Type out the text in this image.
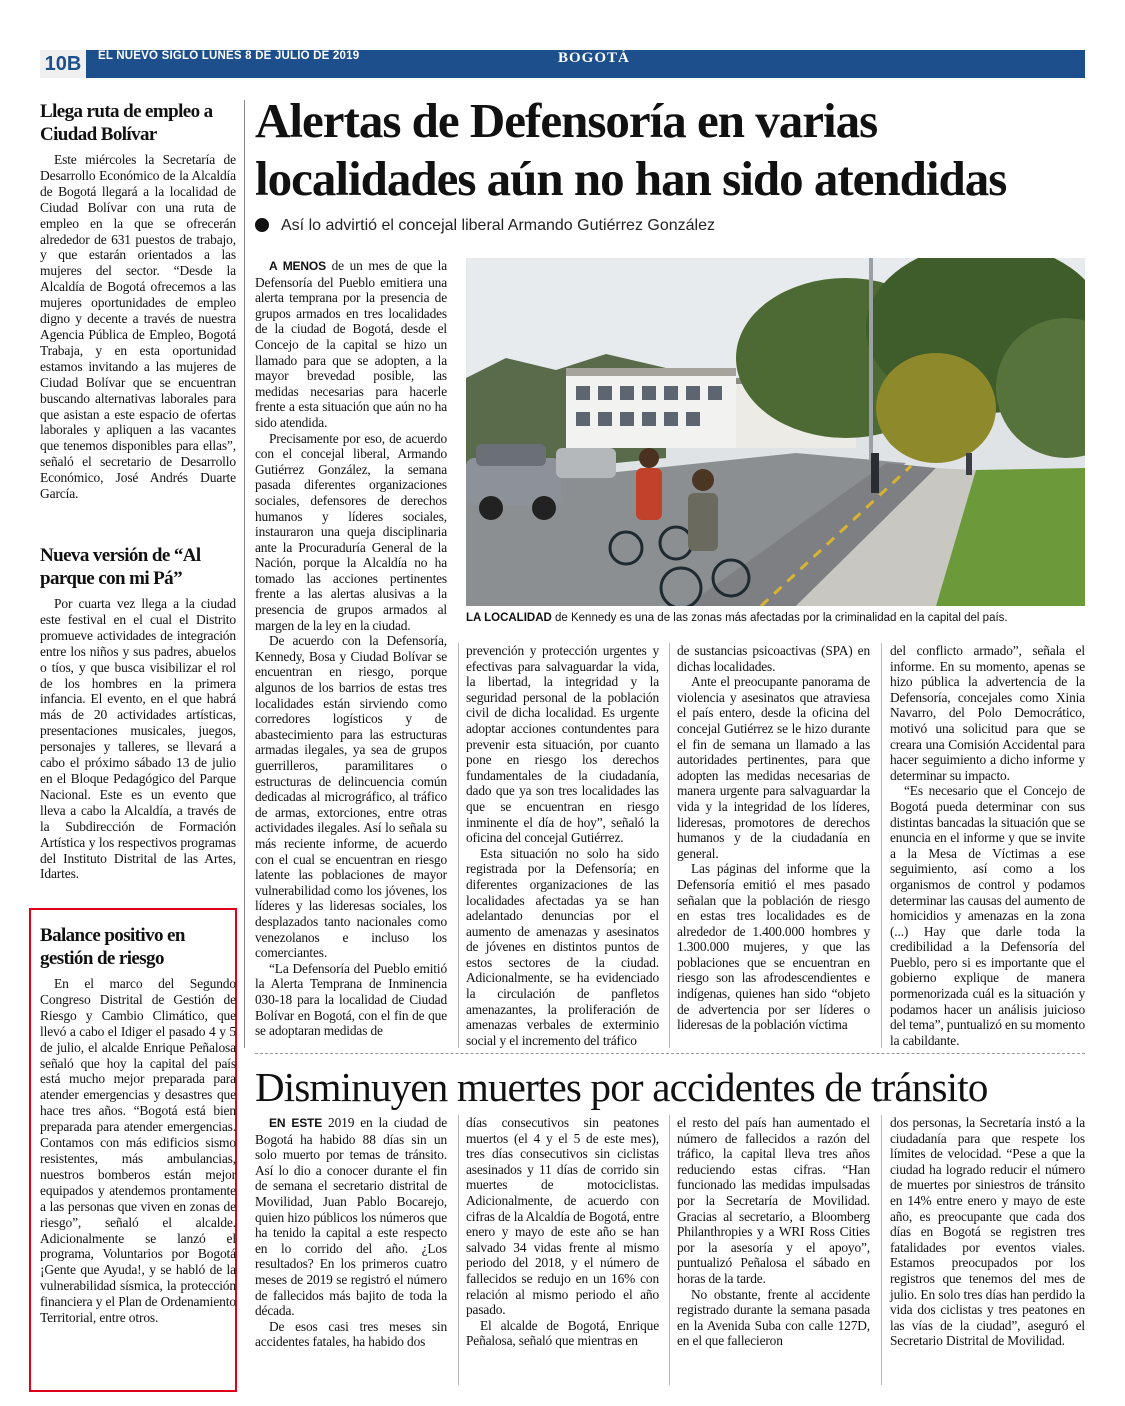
10B	EL NUEVO SIGLO LUNES 8 DE JULIO DE 2019	BOGOTÁ
Llega ruta de empleo a Ciudad Bolívar

Este miércoles la Secretaría de Desarrollo Económico de la Alcaldía de Bogotá llegará a la localidad de Ciudad Bolívar con una ruta de empleo en la que se ofrecerán alrededor de 631 puestos de trabajo, y que estarán orientados a las mujeres del sector. “Desde la Alcaldía de Bogotá ofrecemos a las mujeres oportunidades de empleo digno y decente a través de nuestra Agencia Pública de Empleo, Bogotá Trabaja, y en esta oportunidad estamos invitando a las mujeres de Ciudad Bolívar que se encuentran buscando alternativas laborales para que asistan a este espacio de ofertas laborales y apliquen a las vacantes que tenemos disponibles para ellas”, señaló el secretario de Desarrollo Económico, José Andrés Duarte García.

Nueva versión de “Al parque con mi Pá”

Por cuarta vez llega a la ciudad este festival en el cual el Distrito promueve actividades de integración entre los niños y sus padres, abuelos o tíos, y que busca visibilizar el rol de los hombres en la primera infancia. El evento, en el que habrá más de 20 actividades artísticas, presentaciones musicales, juegos, personajes y talleres, se llevará a cabo el próximo sábado 13 de julio en el Bloque Pedagógico del Parque Nacional. Este es un evento que lleva a cabo la Alcaldía, a través de la Subdirección de Formación Artística y los respectivos programas del Instituto Distrital de las Artes, Idartes.

Balance positivo en gestión de riesgo

En el marco del Segundo Congreso Distrital de Gestión de Riesgo y Cambio Climático, que llevó a cabo el Idiger el pasado 4 y 5 de julio, el alcalde Enrique Peñalosa señaló que hoy la capital del país está mucho mejor preparada para atender emergencias y desastres que hace tres años. “Bogotá está bien preparada para atender emergencias. Contamos con más edificios sismo resistentes, más ambulancias, nuestros bomberos están mejor equipados y atendemos prontamente a las personas que viven en zonas de riesgo”, señaló el alcalde. Adicionalmente se lanzó el programa, Voluntarios por Bogotá ¡Gente que Ayuda!, y se habló de la vulnerabilidad sísmica, la protección financiera y el Plan de Ordenamiento Territorial, entre otros.

Alertas de Defensoría en varias localidades aún no han sido atendidas
Así lo advirtió el concejal liberal Armando Gutiérrez González

A MENOS de un mes de que la Defensoría del Pueblo emitiera una alerta temprana por la presencia de grupos armados en tres localidades de la ciudad de Bogotá, desde el Concejo de la capital se hizo un llamado para que se adopten, a la mayor brevedad posible, las medidas necesarias para hacerle frente a esta situación que aún no ha sido atendida.

Precisamente por eso, de acuerdo con el concejal liberal, Armando Gutiérrez González, la semana pasada diferentes organizaciones sociales, defensores de derechos humanos y líderes sociales, instauraron una queja disciplinaria ante la Procuraduría General de la Nación, porque la Alcaldía no ha tomado las acciones pertinentes frente a las alertas alusivas a la presencia de grupos armados al margen de la ley en la ciudad.

De acuerdo con la Defensoría, Kennedy, Bosa y Ciudad Bolívar se encuentran en riesgo, porque algunos de los barrios de estas tres localidades están sirviendo como corredores logísticos y de abastecimiento para las estructuras armadas ilegales, ya sea de grupos guerrilleros, paramilitares o estructuras de delincuencia común dedicadas al micrográfico, al tráfico de armas, extorciones, entre otras actividades ilegales. Así lo señala su más reciente informe, de acuerdo con el cual se encuentran en riesgo latente las poblaciones de mayor vulnerabilidad como los jóvenes, los líderes y las lideresas sociales, los desplazados tanto nacionales como venezolanos e incluso los comerciantes.

“La Defensoría del Pueblo emitió la Alerta Temprana de Inminencia 030-18 para la localidad de Ciudad Bolívar en Bogotá, con el fin de que se adoptaran medidas de

LA LOCALIDAD de Kennedy es una de las zonas más afectadas por la criminalidad en la capital del país.

prevención y protección urgentes y efectivas para salvaguardar la vida, la libertad, la integridad y la seguridad personal de la población civil de dicha localidad. Es urgente adoptar acciones contundentes para prevenir esta situación, por cuanto pone en riesgo los derechos fundamentales de la ciudadanía, dado que ya son tres localidades las que se encuentran en riesgo inminente el día de hoy”, señaló la oficina del concejal Gutiérrez.

Esta situación no solo ha sido registrada por la Defensoría; en diferentes organizaciones de las localidades afectadas ya se han adelantado denuncias por el aumento de amenazas y asesinatos de jóvenes en distintos puntos de estos sectores de la ciudad. Adicionalmente, se ha evidenciado la circulación de panfletos amenazantes, la proliferación de amenazas verbales de exterminio social y el incremento del tráfico

de sustancias psicoactivas (SPA) en dichas localidades.

Ante el preocupante panorama de violencia y asesinatos que atraviesa el país entero, desde la oficina del concejal Gutiérrez se le hizo durante el fin de semana un llamado a las autoridades pertinentes, para que adopten las medidas necesarias de manera urgente para salvaguardar la vida y la integridad de los líderes, lideresas, promotores de derechos humanos y de la ciudadanía en general.

Las páginas del informe que la Defensoría emitió el mes pasado señalan que la población de riesgo en estas tres localidades es de alrededor de 1.400.000 hombres y 1.300.000 mujeres, y que las poblaciones que se encuentran en riesgo son las afrodescendientes e indígenas, quienes han sido “objeto de advertencia por ser líderes o lideresas de la población víctima

del conflicto armado”, señala el informe. En su momento, apenas se hizo pública la advertencia de la Defensoría, concejales como Xinia Navarro, del Polo Democrático, motivó una solicitud para que se creara una Comisión Accidental para hacer seguimiento a dicho informe y determinar su impacto.

“Es necesario que el Concejo de Bogotá pueda determinar con sus distintas bancadas la situación que se enuncia en el informe y que se invite a la Mesa de Víctimas a ese seguimiento, así como a los organismos de control y podamos determinar las causas del aumento de homicidios y amenazas en la zona (...) Hay que darle toda la credibilidad a la Defensoría del Pueblo, pero si es importante que el gobierno explique de manera pormenorizada cuál es la situación y podamos hacer un análisis juicioso del tema”, puntualizó en su momento la cabildante.

Disminuyen muertes por accidentes de tránsito

EN ESTE 2019 en la ciudad de Bogotá ha habido 88 días sin un solo muerto por temas de tránsito. Así lo dio a conocer durante el fin de semana el secretario distrital de Movilidad, Juan Pablo Bocarejo, quien hizo públicos los números que ha tenido la capital a este respecto en lo corrido del año. ¿Los resultados? En los primeros cuatro meses de 2019 se registró el número de fallecidos más bajito de toda la década.

De esos casi tres meses sin accidentes fatales, ha habido dos

días consecutivos sin peatones muertos (el 4 y el 5 de este mes), tres días consecutivos sin ciclistas asesinados y 11 días de corrido sin muertes de motociclistas. Adicionalmente, de acuerdo con cifras de la Alcaldía de Bogotá, entre enero y mayo de este año se han salvado 34 vidas frente al mismo periodo del 2018, y el número de fallecidos se redujo en un 16% con relación al mismo periodo el año pasado.

El alcalde de Bogotá, Enrique Peñalosa, señaló que mientras en

el resto del país han aumentado el número de fallecidos a razón del tráfico, la capital lleva tres años reduciendo estas cifras. “Han funcionado las medidas impulsadas por la Secretaría de Movilidad. Gracias al secretario, a Bloomberg Philanthropies y a WRI Ross Cities por la asesoría y el apoyo”, puntualizó Peñalosa el sábado en horas de la tarde.

No obstante, frente al accidente registrado durante la semana pasada en la Avenida Suba con calle 127D, en el que fallecieron

dos personas, la Secretaría instó a la ciudadanía para que respete los límites de velocidad. “Pese a que la ciudad ha logrado reducir el número de muertes por siniestros de tránsito en 14% entre enero y mayo de este año, es preocupante que cada dos días en Bogotá se registren tres fatalidades por eventos viales. Estamos preocupados por los registros que tenemos del mes de julio. En solo tres días han perdido la vida dos ciclistas y tres peatones en las vías de la ciudad”, aseguró el Secretario Distrital de Movilidad.
